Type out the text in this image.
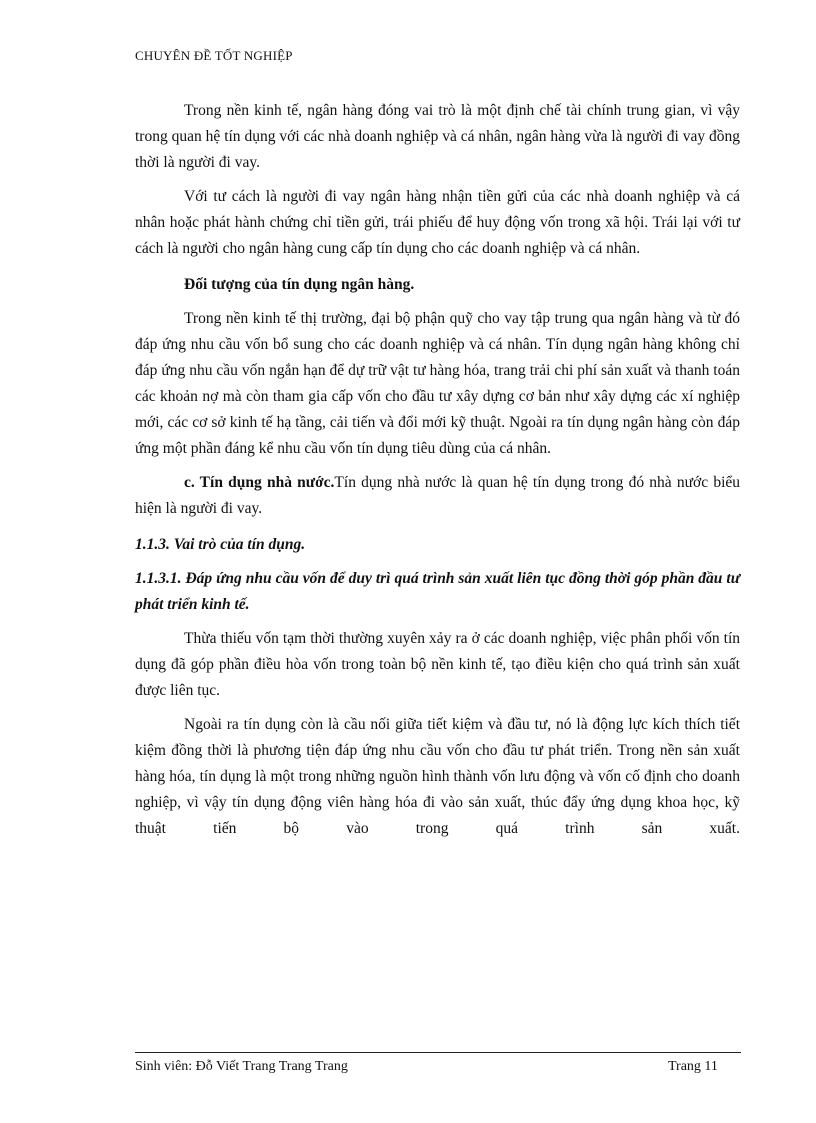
CHUYÊN ĐỀ TỐT NGHIỆP

Trong nền kinh tế, ngân hàng đóng vai trò là một định chế tài chính trung gian, vì vậy trong quan hệ tín dụng với các nhà doanh nghiệp và cá nhân, ngân hàng vừa là người đi vay đồng thời là người đi vay.

Với tư cách là người đi vay ngân hàng nhận tiền gửi của các nhà doanh nghiệp và cá nhân hoặc phát hành chứng chỉ tiền gửi, trái phiếu để huy động vốn trong xã hội. Trái lại với tư cách là người cho ngân hàng cung cấp tín dụng cho các doanh nghiệp và cá nhân.

Đối tượng của tín dụng ngân hàng.

Trong nền kinh tế thị trường, đại bộ phận quỹ cho vay tập trung qua ngân hàng và từ đó đáp ứng nhu cầu vốn bổ sung cho các doanh nghiệp và cá nhân. Tín dụng ngân hàng không chỉ đáp ứng nhu cầu vốn ngắn hạn để dự trữ vật tư hàng hóa, trang trải chi phí sản xuất và thanh toán các khoản nợ mà còn tham gia cấp vốn cho đầu tư xây dựng cơ bản như xây dựng các xí nghiệp mới, các cơ sở kinh tế hạ tầng, cải tiến và đổi mới kỹ thuật. Ngoài ra tín dụng ngân hàng còn đáp ứng một phần đáng kể nhu cầu vốn tín dụng tiêu dùng của cá nhân.

c. Tín dụng nhà nước.Tín dụng nhà nước là quan hệ tín dụng trong đó nhà nước biểu hiện là người đi vay.

1.1.3. Vai trò của tín dụng.

1.1.3.1. Đáp ứng nhu cầu vốn để duy trì quá trình sản xuất liên tục đồng thời góp phần đầu tư phát triển kinh tế.

Thừa thiếu vốn tạm thời thường xuyên xảy ra ở các doanh nghiệp, việc phân phối vốn tín dụng đã góp phần điều hòa vốn trong toàn bộ nền kinh tế, tạo điều kiện cho quá trình sản xuất được liên tục.

Ngoài ra tín dụng còn là cầu nối giữa tiết kiệm và đầu tư, nó là động lực kích thích tiết kiệm đồng thời là phương tiện đáp ứng nhu cầu vốn cho đầu tư phát triển. Trong nền sản xuất hàng hóa, tín dụng là một trong những nguồn hình thành vốn lưu động và vốn cố định cho doanh nghiệp, vì vậy tín dụng động viên hàng hóa đi vào sản xuất, thúc đẩy ứng dụng khoa học, kỹ thuật tiến bộ vào trong quá trình sản xuất.

Sinh viên: Đỗ Viết Trang Trang Trang	Trang 11
